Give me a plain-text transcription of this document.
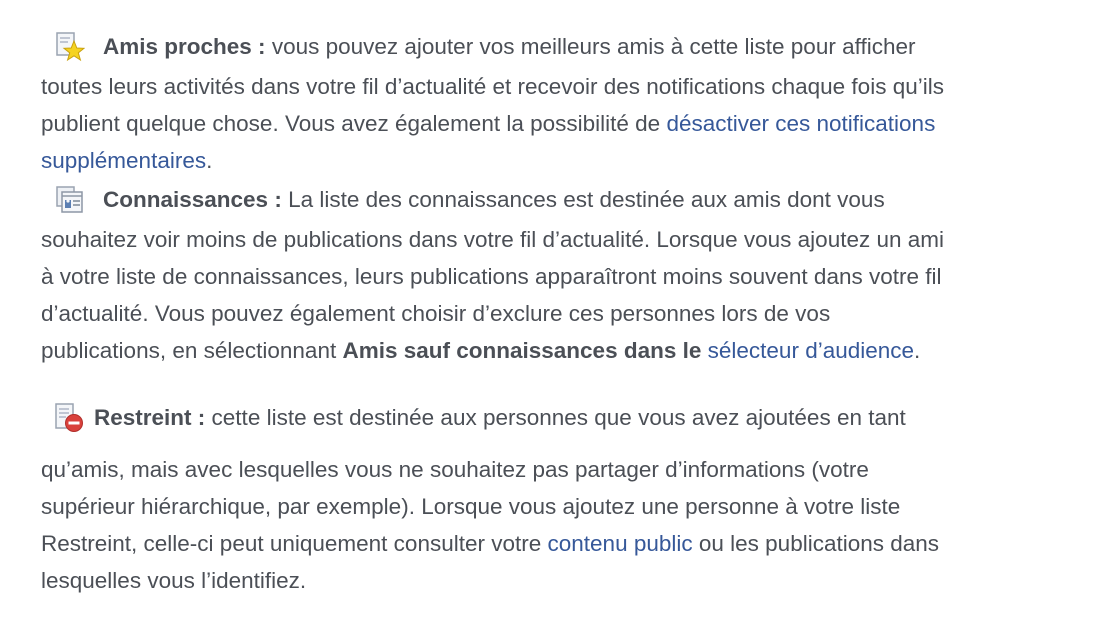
Amis proches :
vous pouvez ajouter vos meilleurs amis à cette liste pour afficher
toutes leurs activités dans votre fil d’actualité et recevoir des notifications chaque fois qu’ils
publient quelque chose. Vous avez également la possibilité de désactiver ces notifications
supplémentaires.
Connaissances :
La liste des connaissances est destinée aux amis dont vous
souhaitez voir moins de publications dans votre fil d’actualité. Lorsque vous ajoutez un ami
à votre liste de connaissances, leurs publications apparaîtront moins souvent dans votre fil
d’actualité. Vous pouvez également choisir d’exclure ces personnes lors de vos
publications, en sélectionnant Amis sauf connaissances dans le sélecteur d’audience.
Restreint :
cette liste est destinée aux personnes que vous avez ajoutées en tant
qu’amis, mais avec lesquelles vous ne souhaitez pas partager d’informations (votre
supérieur hiérarchique, par exemple). Lorsque vous ajoutez une personne à votre liste
Restreint, celle-ci peut uniquement consulter votre contenu public ou les publications dans
lesquelles vous l’identifiez.
